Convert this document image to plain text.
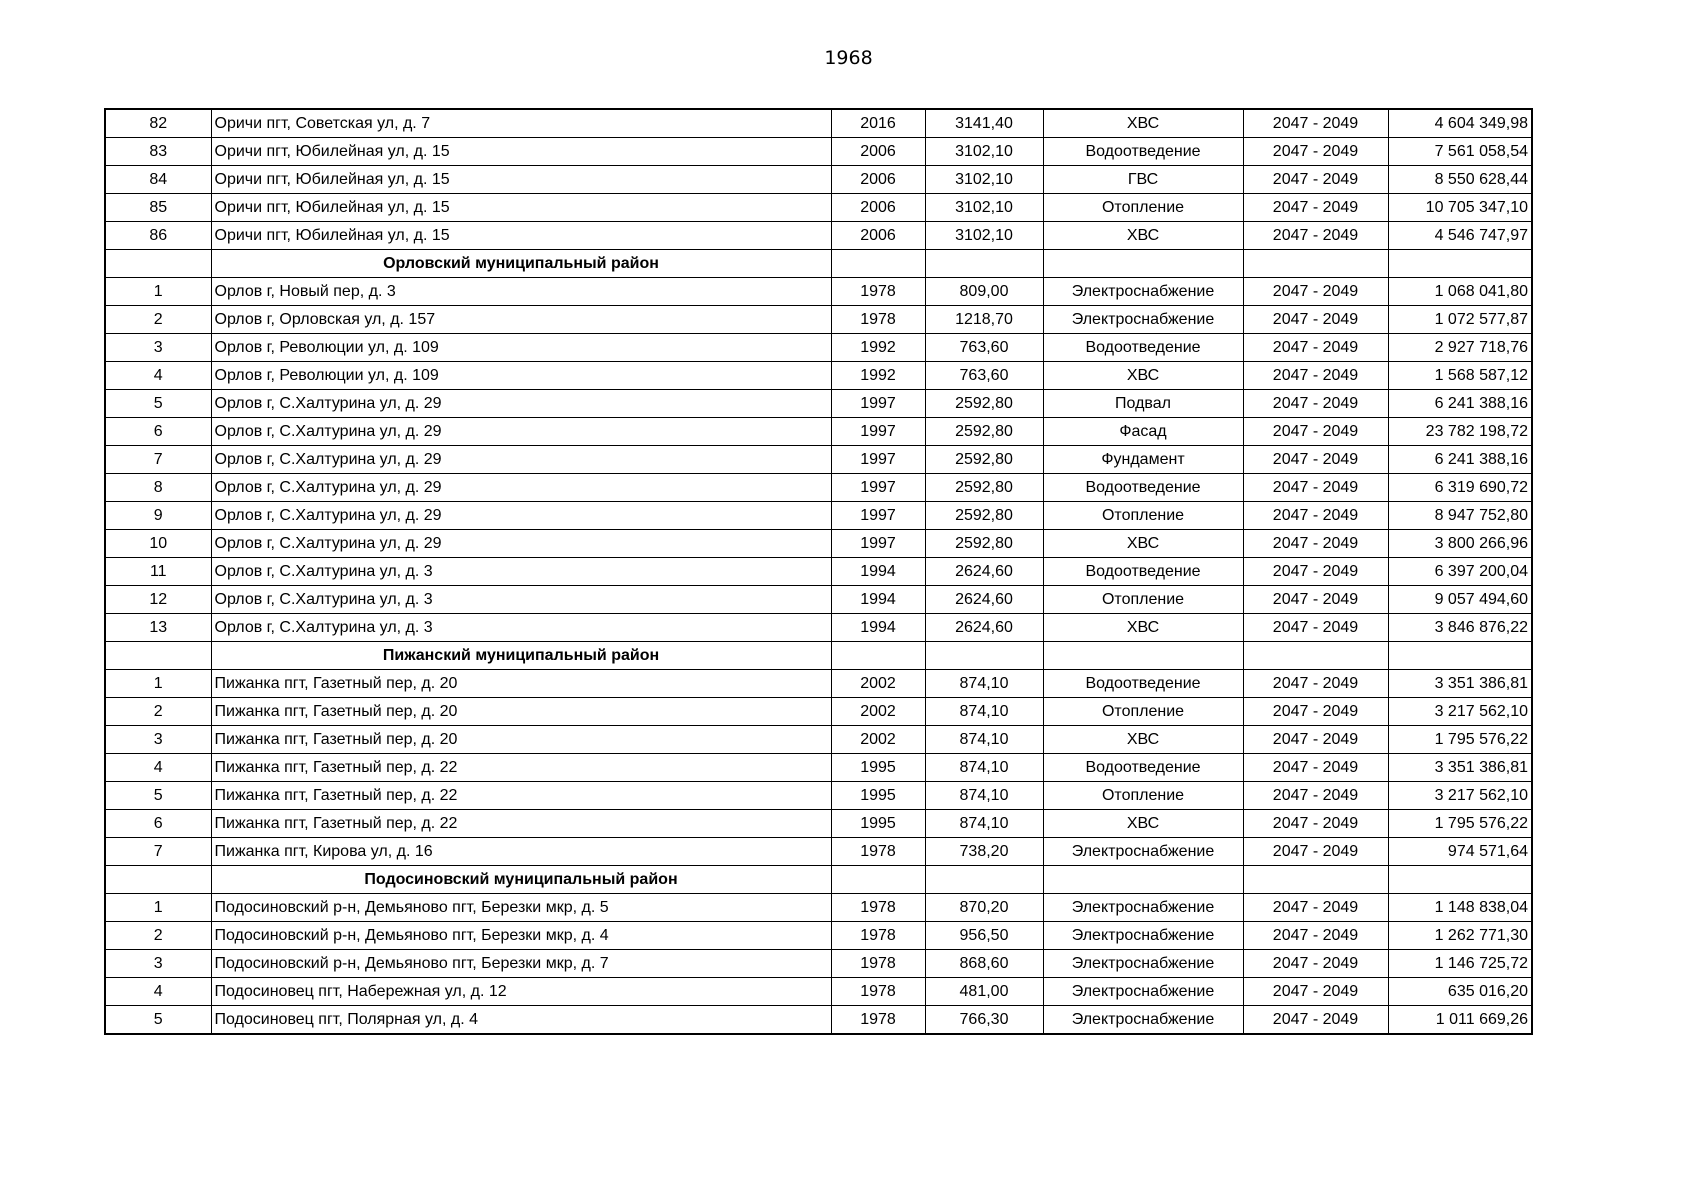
1968
82	Оричи пгт, Советская ул, д. 7	2016	3141,40	ХВС	2047 - 2049	4 604 349,98
83	Оричи пгт, Юбилейная ул, д. 15	2006	3102,10	Водоотведение	2047 - 2049	7 561 058,54
84	Оричи пгт, Юбилейная ул, д. 15	2006	3102,10	ГВС	2047 - 2049	8 550 628,44
85	Оричи пгт, Юбилейная ул, д. 15	2006	3102,10	Отопление	2047 - 2049	10 705 347,10
86	Оричи пгт, Юбилейная ул, д. 15	2006	3102,10	ХВС	2047 - 2049	4 546 747,97
	Орловский муниципальный район					
1	Орлов г, Новый пер, д. 3	1978	809,00	Электроснабжение	2047 - 2049	1 068 041,80
2	Орлов г, Орловская ул, д. 157	1978	1218,70	Электроснабжение	2047 - 2049	1 072 577,87
3	Орлов г, Революции ул, д. 109	1992	763,60	Водоотведение	2047 - 2049	2 927 718,76
4	Орлов г, Революции ул, д. 109	1992	763,60	ХВС	2047 - 2049	1 568 587,12
5	Орлов г, С.Халтурина ул, д. 29	1997	2592,80	Подвал	2047 - 2049	6 241 388,16
6	Орлов г, С.Халтурина ул, д. 29	1997	2592,80	Фасад	2047 - 2049	23 782 198,72
7	Орлов г, С.Халтурина ул, д. 29	1997	2592,80	Фундамент	2047 - 2049	6 241 388,16
8	Орлов г, С.Халтурина ул, д. 29	1997	2592,80	Водоотведение	2047 - 2049	6 319 690,72
9	Орлов г, С.Халтурина ул, д. 29	1997	2592,80	Отопление	2047 - 2049	8 947 752,80
10	Орлов г, С.Халтурина ул, д. 29	1997	2592,80	ХВС	2047 - 2049	3 800 266,96
11	Орлов г, С.Халтурина ул, д. 3	1994	2624,60	Водоотведение	2047 - 2049	6 397 200,04
12	Орлов г, С.Халтурина ул, д. 3	1994	2624,60	Отопление	2047 - 2049	9 057 494,60
13	Орлов г, С.Халтурина ул, д. 3	1994	2624,60	ХВС	2047 - 2049	3 846 876,22
	Пижанский муниципальный район					
1	Пижанка пгт, Газетный пер, д. 20	2002	874,10	Водоотведение	2047 - 2049	3 351 386,81
2	Пижанка пгт, Газетный пер, д. 20	2002	874,10	Отопление	2047 - 2049	3 217 562,10
3	Пижанка пгт, Газетный пер, д. 20	2002	874,10	ХВС	2047 - 2049	1 795 576,22
4	Пижанка пгт, Газетный пер, д. 22	1995	874,10	Водоотведение	2047 - 2049	3 351 386,81
5	Пижанка пгт, Газетный пер, д. 22	1995	874,10	Отопление	2047 - 2049	3 217 562,10
6	Пижанка пгт, Газетный пер, д. 22	1995	874,10	ХВС	2047 - 2049	1 795 576,22
7	Пижанка пгт, Кирова ул, д. 16	1978	738,20	Электроснабжение	2047 - 2049	974 571,64
	Подосиновский муниципальный район					
1	Подосиновский р-н, Демьяново пгт, Березки мкр, д. 5	1978	870,20	Электроснабжение	2047 - 2049	1 148 838,04
2	Подосиновский р-н, Демьяново пгт, Березки мкр, д. 4	1978	956,50	Электроснабжение	2047 - 2049	1 262 771,30
3	Подосиновский р-н, Демьяново пгт, Березки мкр, д. 7	1978	868,60	Электроснабжение	2047 - 2049	1 146 725,72
4	Подосиновец пгт, Набережная ул, д. 12	1978	481,00	Электроснабжение	2047 - 2049	635 016,20
5	Подосиновец пгт, Полярная ул, д. 4	1978	766,30	Электроснабжение	2047 - 2049	1 011 669,26
